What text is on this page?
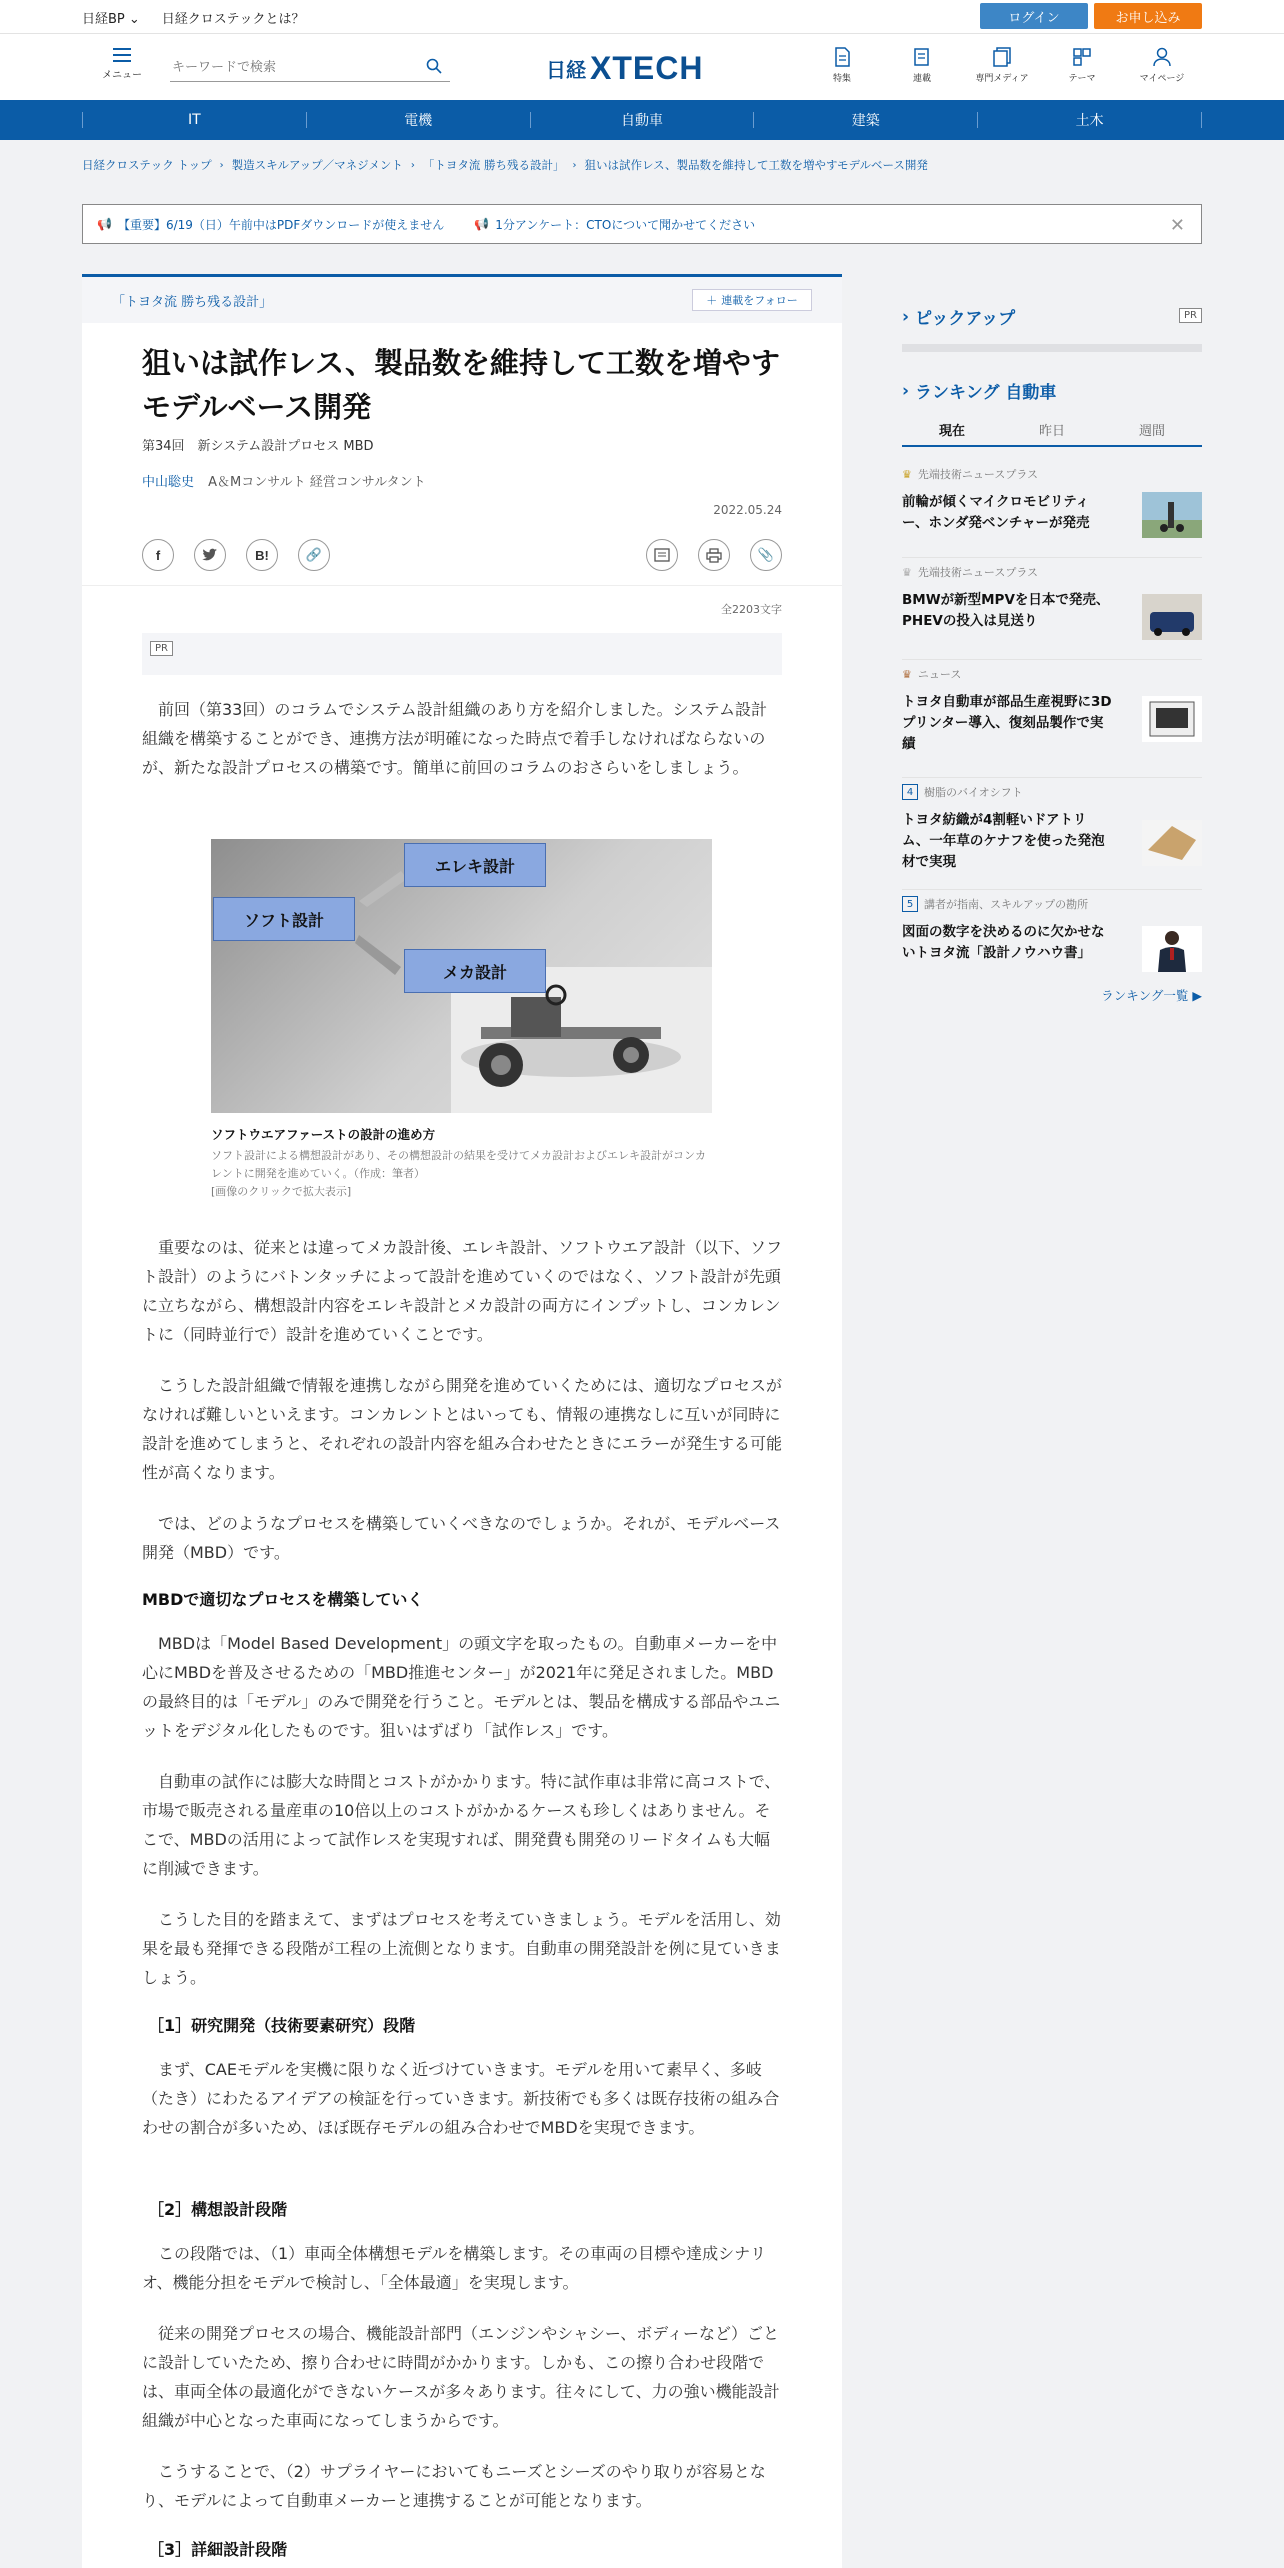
日経BP ⌄ 日経クロステックとは？	ログイン	お申し込み
メニュー
キーワードで検索	日経 XTECH	特集	連載	専門メディア	テーマ	マイページ
IT	電機	自動車	建築	土木
日経クロステック トップ › 製造スキルアップ／マネジメント › 「トヨタ流 勝ち残る設計」 › 狙いは試作レス、製品数を維持して工数を増やすモデルベース開発
📢 【重要】6/19（日）午前中はPDFダウンロードが使えません	📢 1分アンケート：CTOについて聞かせてください	✕
「トヨタ流 勝ち残る設計」	＋ 連載をフォロー
狙いは試作レス、製品数を維持して工数を増やすモデルベース開発
第34回　新システム設計プロセス MBD
中山聡史 A＆Mコンサルト 経営コンサルタント
2022.05.24
f	B!	🔗	📎
全2203文字
PR

前回（第33回）のコラムでシステム設計組織のあり方を紹介しました。システム設計組織を構築することができ、連携方法が明確になった時点で着手しなければならないのが、新たな設計プロセスの構築です。簡単に前回のコラムのおさらいをしましょう。

ソフト設計
エレキ設計
メカ設計
ソフトウエアファーストの設計の進め方
ソフト設計による構想設計があり、その構想設計の結果を受けてメカ設計およびエレキ設計がコンカレントに開発を進めていく。（作成：筆者）
[画像のクリックで拡大表示]

重要なのは、従来とは違ってメカ設計後、エレキ設計、ソフトウエア設計（以下、ソフト設計）のようにバトンタッチによって設計を進めていくのではなく、ソフト設計が先頭に立ちながら、構想設計内容をエレキ設計とメカ設計の両方にインプットし、コンカレントに（同時並行で）設計を進めていくことです。

こうした設計組織で情報を連携しながら開発を進めていくためには、適切なプロセスがなければ難しいといえます。コンカレントとはいっても、情報の連携なしに互いが同時に設計を進めてしまうと、それぞれの設計内容を組み合わせたときにエラーが発生する可能性が高くなります。

では、どのようなプロセスを構築していくべきなのでしょうか。それが、モデルベース開発（MBD）です。

MBDで適切なプロセスを構築していく

MBDは「Model Based Development」の頭文字を取ったもの。自動車メーカーを中心にMBDを普及させるための「MBD推進センター」が2021年に発足されました。MBDの最終目的は「モデル」のみで開発を行うこと。モデルとは、製品を構成する部品やユニットをデジタル化したものです。狙いはずばり「試作レス」です。

自動車の試作には膨大な時間とコストがかかります。特に試作車は非常に高コストで、市場で販売される量産車の10倍以上のコストがかかるケースも珍しくはありません。そこで、MBDの活用によって試作レスを実現すれば、開発費も開発のリードタイムも大幅に削減できます。

こうした目的を踏まえて、まずはプロセスを考えていきましょう。モデルを活用し、効果を最も発揮できる段階が工程の上流側となります。自動車の開発設計を例に見ていきましょう。

［1］研究開発（技術要素研究）段階

まず、CAEモデルを実機に限りなく近づけていきます。モデルを用いて素早く、多岐（たき）にわたるアイデアの検証を行っていきます。新技術でも多くは既存技術の組み合わせの割合が多いため、ほぼ既存モデルの組み合わせでMBDを実現できます。

［2］構想設計段階

この段階では、（1）車両全体構想モデルを構築します。その車両の目標や達成シナリオ、機能分担をモデルで検討し、「全体最適」を実現します。

従来の開発プロセスの場合、機能設計部門（エンジンやシャシー、ボディーなど）ごとに設計していたため、擦り合わせに時間がかかります。しかも、この擦り合わせ段階では、車両全体の最適化ができないケースが多々あります。往々にして、力の強い機能設計組織が中心となった車両になってしまうからです。

こうすることで、（2）サプライヤーにおいてもニーズとシーズのやり取りが容易となり、モデルによって自動車メーカーと連携することが可能となります。

［3］詳細設計段階
› ピックアップ	PR
› ランキング 自動車
現在	昨日	週間
♛ 先端技術ニュースプラス
前輪が傾くマイクロモビリティー、ホンダ発ベンチャーが発売
♛ 先端技術ニュースプラス
BMWが新型MPVを日本で発売、PHEVの投入は見送り
♛ ニュース
トヨタ自動車が部品生産視野に3Dプリンター導入、復刻品製作で実績
4 樹脂のバイオシフト
トヨタ紡織が4割軽いドアトリム、一年草のケナフを使った発泡材で実現
5 講者が指南、スキルアップの勘所
図面の数字を決めるのに欠かせないトヨタ流「設計ノウハウ書」
ランキング一覧 ▶
